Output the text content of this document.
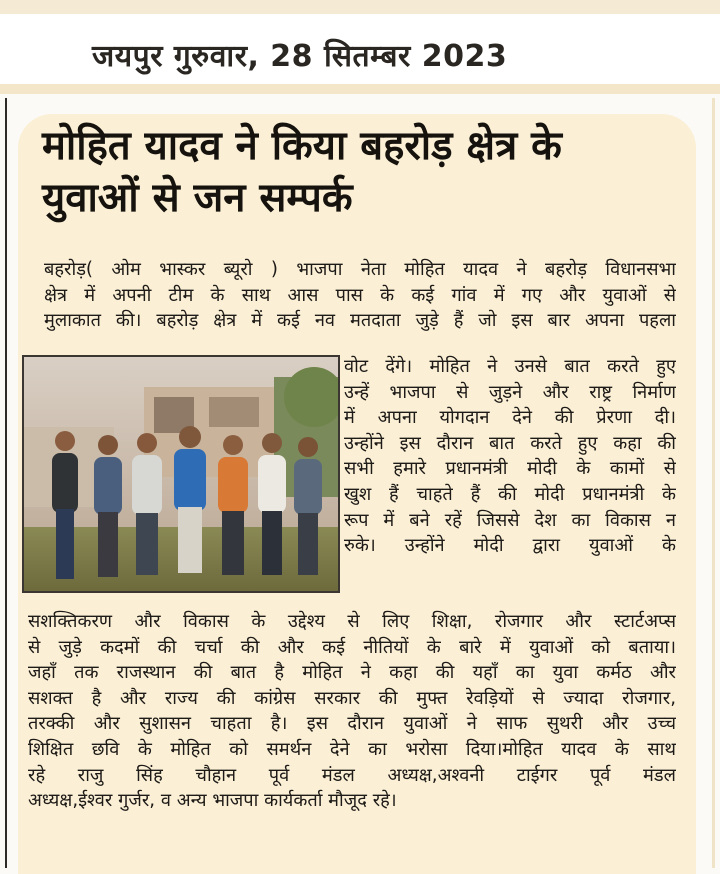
जयपुर गुरुवार, 28 सितम्बर 2023
मोहित यादव ने किया बहरोड़ क्षेत्र के
युवाओं से जन सम्पर्क
बहरोड़( ओम भास्कर ब्यूरो ) भाजपा नेता मोहित यादव ने बहरोड़ विधानसभा
क्षेत्र में अपनी टीम के साथ आस पास के कई गांव में गए और युवाओं से
मुलाकात की। बहरोड़ क्षेत्र में कई नव मतदाता जुड़े हैं जो इस बार अपना पहला
वोट देंगे। मोहित ने उनसे बात करते हुए
उन्हें भाजपा से जुड़ने और राष्ट्र निर्माण
में अपना योगदान देने की प्रेरणा दी।
उन्होंने इस दौरान बात करते हुए कहा की
सभी हमारे प्रधानमंत्री मोदी के कामों से
खुश हैं चाहते हैं की मोदी प्रधानमंत्री के
रूप में बने रहें जिससे देश का विकास न
रुके। उन्होंने मोदी द्वारा युवाओं के
सशक्तिकरण और विकास के उद्देश्य से लिए शिक्षा, रोजगार और स्टार्टअप्स
से जुड़े कदमों की चर्चा की और कई नीतियों के बारे में युवाओं को बताया।
जहाँ तक राजस्थान की बात है मोहित ने कहा की यहाँ का युवा कर्मठ और
सशक्त है और राज्य की कांग्रेस सरकार की मुफ्त रेवड़ियों से ज्यादा रोजगार,
तरक्की और सुशासन चाहता है। इस दौरान युवाओं ने साफ सुथरी और उच्च
शिक्षित छवि के मोहित को समर्थन देने का भरोसा दिया।मोहित यादव के साथ
रहे राजु सिंह चौहान पूर्व मंडल अध्यक्ष,अश्वनी टाईगर पूर्व मंडल
अध्यक्ष,ईश्वर गुर्जर, व अन्य भाजपा कार्यकर्ता मौजूद रहे।
